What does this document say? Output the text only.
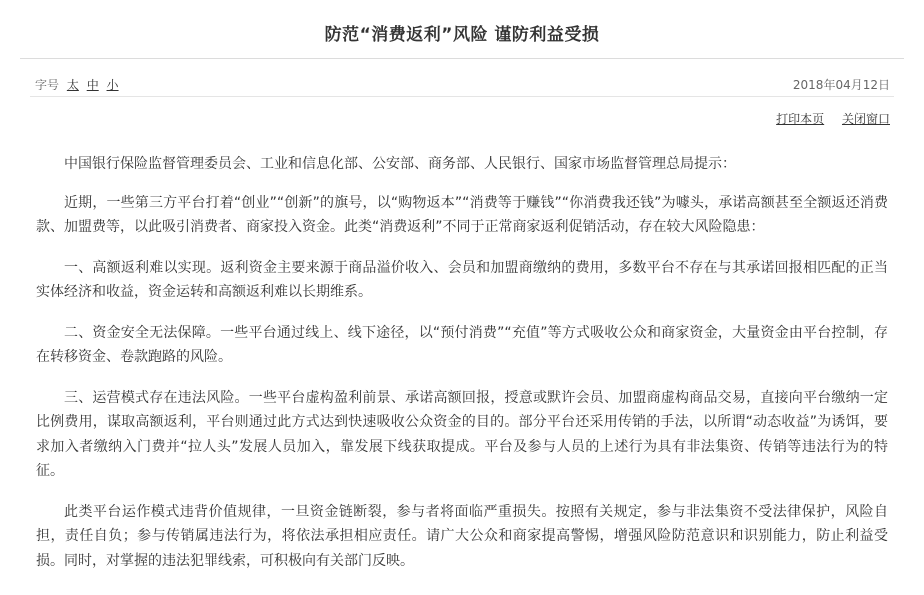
防范“消费返利”风险 谨防利益受损
字号 太 中 小	2018年04月12日
打印本页 关闭窗口

中国银行保险监督管理委员会、工业和信息化部、公安部、商务部、人民银行、国家市场监督管理总局提示：

近期，一些第三方平台打着“创业”“创新”的旗号，以“购物返本”“消费等于赚钱”“你消费我还钱”为噱头，承诺高额甚至全额返还消费款、加盟费等，以此吸引消费者、商家投入资金。此类“消费返利”不同于正常商家返利促销活动，存在较大风险隐患：

一、高额返利难以实现。返利资金主要来源于商品溢价收入、会员和加盟商缴纳的费用，多数平台不存在与其承诺回报相匹配的正当实体经济和收益，资金运转和高额返利难以长期维系。

二、资金安全无法保障。一些平台通过线上、线下途径，以“预付消费”“充值”等方式吸收公众和商家资金，大量资金由平台控制，存在转移资金、卷款跑路的风险。

三、运营模式存在违法风险。一些平台虚构盈利前景、承诺高额回报，授意或默许会员、加盟商虚构商品交易，直接向平台缴纳一定比例费用，谋取高额返利，平台则通过此方式达到快速吸收公众资金的目的。部分平台还采用传销的手法，以所谓“动态收益”为诱饵，要求加入者缴纳入门费并“拉人头”发展人员加入，靠发展下线获取提成。平台及参与人员的上述行为具有非法集资、传销等违法行为的特征。

此类平台运作模式违背价值规律，一旦资金链断裂，参与者将面临严重损失。按照有关规定，参与非法集资不受法律保护，风险自担，责任自负；参与传销属违法行为，将依法承担相应责任。请广大公众和商家提高警惕，增强风险防范意识和识别能力，防止利益受损。同时，对掌握的违法犯罪线索，可积极向有关部门反映。
